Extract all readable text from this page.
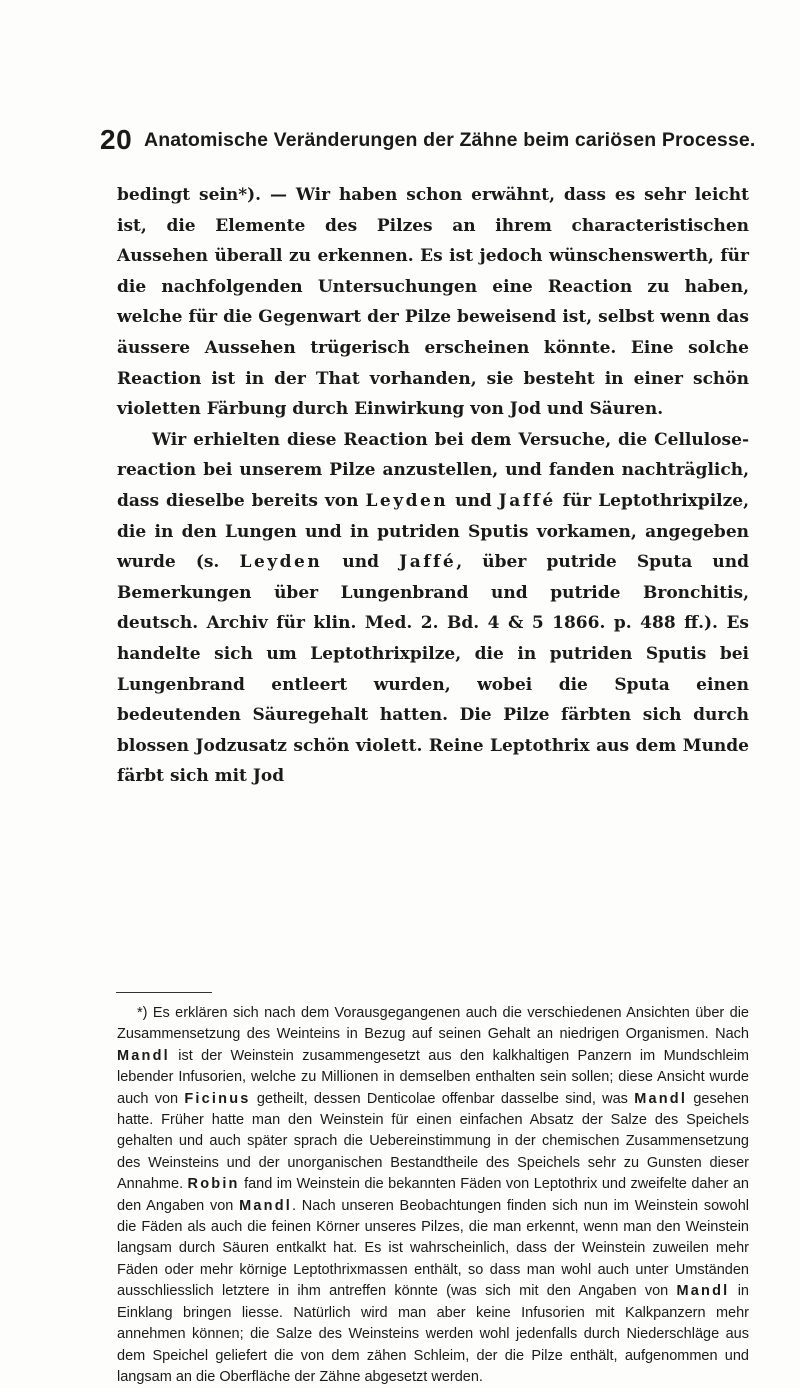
20 Anatomische Veränderungen der Zähne beim cariösen Processe.

bedingt sein*). — Wir haben schon erwähnt, dass es sehr leicht ist, die Elemente des Pilzes an ihrem characteristischen Aussehen überall zu erkennen. Es ist jedoch wünschenswerth, für die nachfolgenden Untersuchungen eine Reaction zu haben, welche für die Gegenwart der Pilze beweisend ist, selbst wenn das äussere Aussehen trügerisch erscheinen könnte. Eine solche Reaction ist in der That vorhanden, sie besteht in einer schön violetten Färbung durch Einwirkung von Jod und Säuren.

Wir erhielten diese Reaction bei dem Versuche, die Cellulosereaction bei unserem Pilze anzustellen, und fanden nachträglich, dass dieselbe bereits von Leyden und Jaffé für Leptothrixpilze, die in den Lungen und in putriden Sputis vorkamen, angegeben wurde (s. Leyden und Jaffé, über putride Sputa und Bemerkungen über Lungenbrand und putride Bronchitis, deutsch. Archiv für klin. Med. 2. Bd. 4 & 5 1866. p. 488 ff.). Es handelte sich um Leptothrixpilze, die in putriden Sputis bei Lungenbrand entleert wurden, wobei die Sputa einen bedeutenden Säuregehalt hatten. Die Pilze färbten sich durch blossen Jodzusatz schön violett. Reine Leptothrix aus dem Munde färbt sich mit Jod

*) Es erklären sich nach dem Vorausgegangenen auch die verschiedenen Ansichten über die Zusammensetzung des Weinteins in Bezug auf seinen Gehalt an niedrigen Organismen. Nach Mandl ist der Weinstein zusammengesetzt aus den kalkhaltigen Panzern im Mundschleim lebender Infusorien, welche zu Millionen in demselben enthalten sein sollen; diese Ansicht wurde auch von Ficinus getheilt, dessen Denticolae offenbar dasselbe sind, was Mandl gesehen hatte. Früher hatte man den Weinstein für einen einfachen Absatz der Salze des Speichels gehalten und auch später sprach die Uebereinstimmung in der chemischen Zusammensetzung des Weinsteins und der unorganischen Bestandtheile des Speichels sehr zu Gunsten dieser Annahme. Robin fand im Weinstein die bekannten Fäden von Leptothrix und zweifelte daher an den Angaben von Mandl. Nach unseren Beobachtungen finden sich nun im Weinstein sowohl die Fäden als auch die feinen Körner unseres Pilzes, die man erkennt, wenn man den Weinstein langsam durch Säuren entkalkt hat. Es ist wahrscheinlich, dass der Weinstein zuweilen mehr Fäden oder mehr körnige Leptothrixmassen enthält, so dass man wohl auch unter Umständen ausschliesslich letztere in ihm antreffen könnte (was sich mit den Angaben von Mandl in Einklang bringen liesse. Natürlich wird man aber keine Infusorien mit Kalkpanzern mehr annehmen können; die Salze des Weinsteins werden wohl jedenfalls durch Niederschläge aus dem Speichel geliefert die von dem zähen Schleim, der die Pilze enthält, aufgenommen und langsam an die Oberfläche der Zähne abgesetzt werden.
